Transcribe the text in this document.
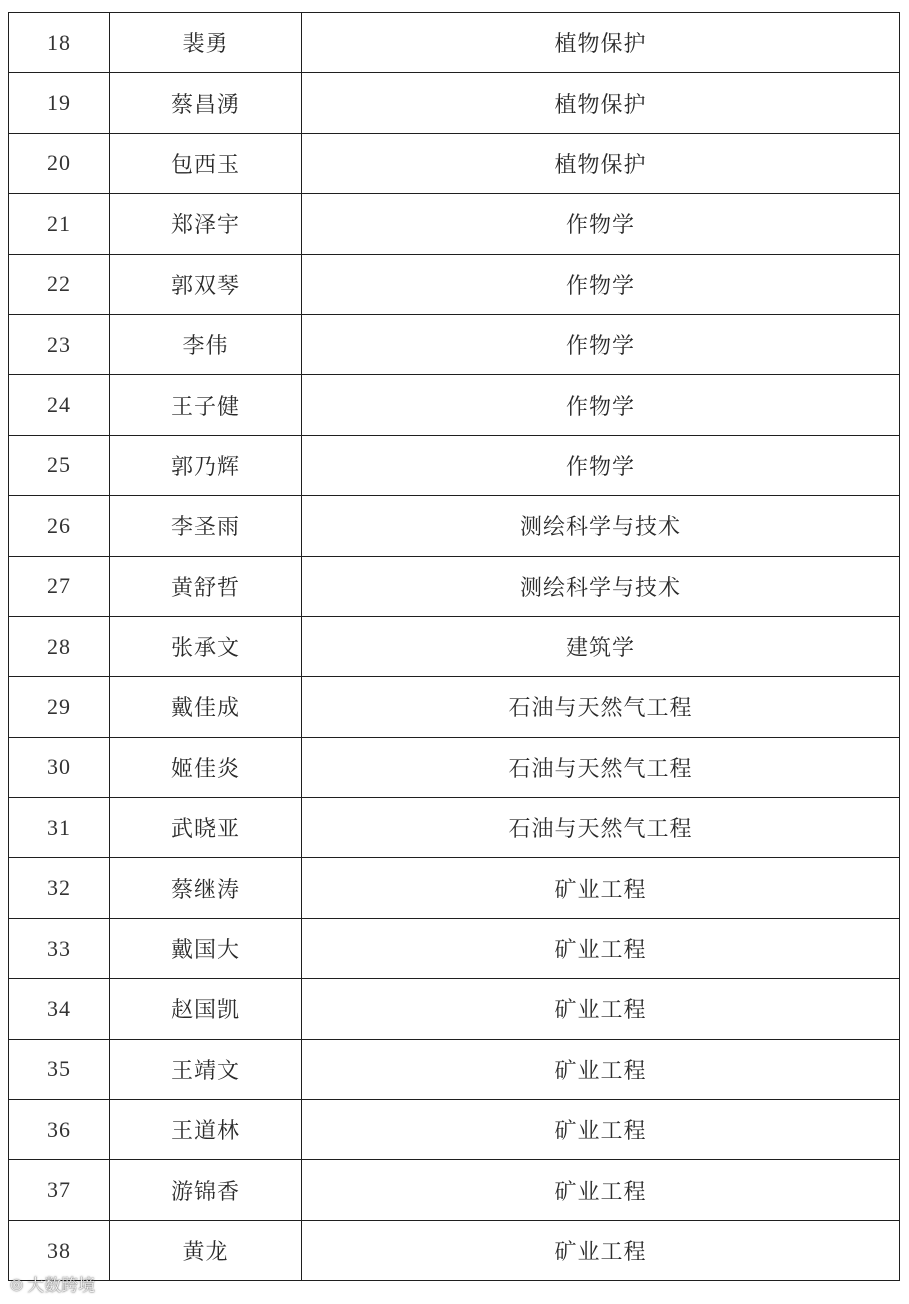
18	裴勇	植物保护
19	蔡昌湧	植物保护
20	包西玉	植物保护
21	郑泽宇	作物学
22	郭双琴	作物学
23	李伟	作物学
24	王子健	作物学
25	郭乃辉	作物学
26	李圣雨	测绘科学与技术
27	黄舒哲	测绘科学与技术
28	张承文	建筑学
29	戴佳成	石油与天然气工程
30	姬佳炎	石油与天然气工程
31	武晓亚	石油与天然气工程
32	蔡继涛	矿业工程
33	戴国大	矿业工程
34	赵国凯	矿业工程
35	王靖文	矿业工程
36	王道林	矿业工程
37	游锦香	矿业工程
38	黄龙	矿业工程
◎ 大数跨境
